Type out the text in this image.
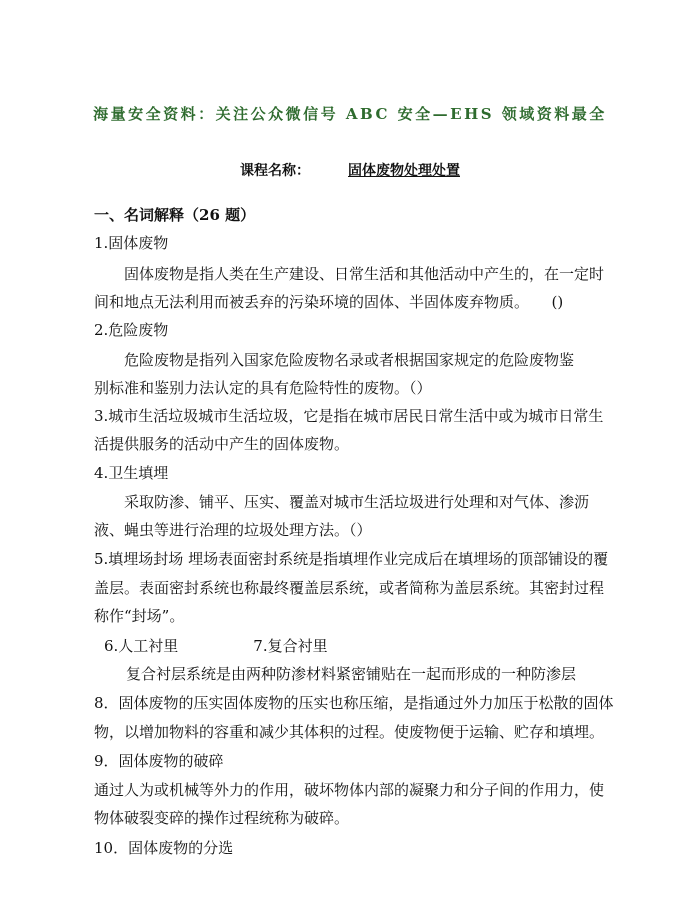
海量安全资料：关注公众微信号 ABC 安全—EHS 领域资料最全
课程名称：	固体废物处理处置
一、名词解释（26 题）
1.固体废物
固体废物是指人类在生产建设、日常生活和其他活动中产生的，在一定时
间和地点无法利用而被丢弃的污染环境的固体、半固体废弃物质。　　()
2.危险废物
危险废物是指列入国家危险废物名录或者根据国家规定的危险废物鉴
别标准和鉴别力法认定的具有危险特性的废物。（）
3.城市生活垃圾城市生活垃圾，它是指在城市居民日常生活中或为城市日常生
活提供服务的活动中产生的固体废物。
4.卫生填埋
采取防渗、铺平、压实、覆盖对城市生活垃圾进行处理和对气体、渗沥
液、蝇虫等进行治理的垃圾处理方法。（）
5.填埋场封场 埋场表面密封系统是指填埋作业完成后在填埋场的顶部铺设的覆
盖层。表面密封系统也称最终覆盖层系统，或者简称为盖层系统。其密封过程
称作“封场”。
6.人工衬里　　　　　7.复合衬里
复合衬层系统是由两种防渗材料紧密铺贴在一起而形成的一种防渗层
8．固体废物的压实固体废物的压实也称压缩，是指通过外力加压于松散的固体
物，以增加物料的容重和减少其体积的过程。使废物便于运输、贮存和填埋。
9．固体废物的破碎
通过人为或机械等外力的作用，破坏物体内部的凝聚力和分子间的作用力，使
物体破裂变碎的操作过程统称为破碎。
10．固体废物的分选
